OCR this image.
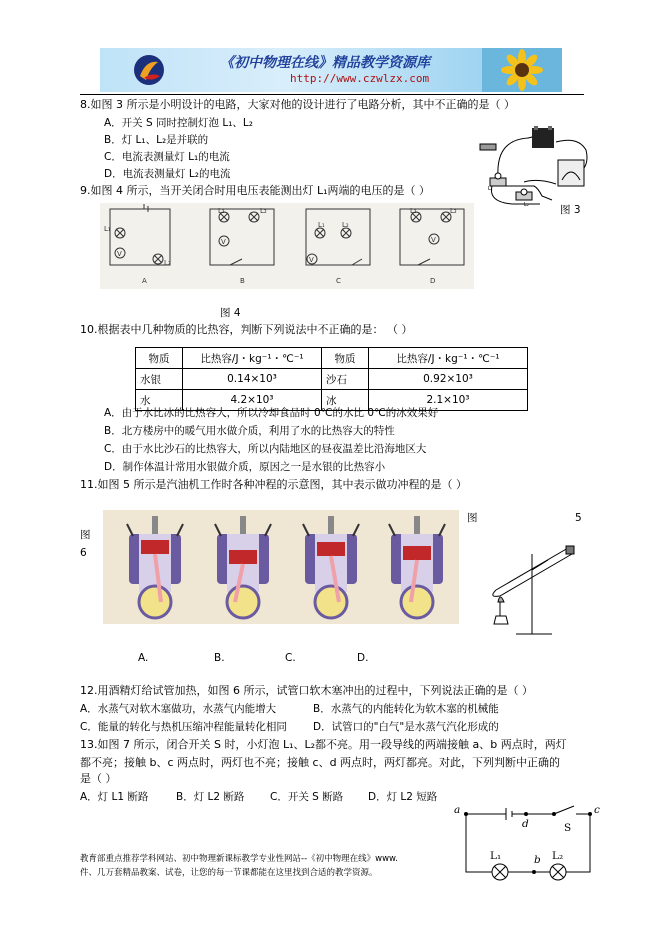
《初中物理在线》精品教学资源库
http://www.czwlzx.com
8.如图 3 所示是小明设计的电路，大家对他的设计进行了电路分析，其中不正确的是（ ）
A．开关 S 同时控制灯泡 L₁、L₂
B．灯 L₁、L₂是并联的
C．电流表测量灯 L₁的电流
D．电流表测量灯 L₂的电流
L₁
L₂	图 3
9.如图 4 所示，当开关闭合时用电压表能测出灯 L₁两端的电压的是（ ）
V
L₁
L₂
A
V
L₁	L₂
B
V
L₁ L₂
C
V
L₁	L₂
D
图 4
10.根据表中几种物质的比热容，判断下列说法中不正确的是： （ ）
物质	比热容/J・kg⁻¹・℃⁻¹	物质	比热容/J・kg⁻¹・℃⁻¹
水银	0.14×10³	沙石	0.92×10³
水	4.2×10³	冰	2.1×10³
A．由于水比冰的比热容大，所以冷却食品时 0℃的水比 0℃的冰效果好
B．北方楼房中的暖气用水做介质，利用了水的比热容大的特性
C．由于水比沙石的比热容大，所以内陆地区的昼夜温差比沿海地区大
D．制作体温计常用水银做介质，原因之一是水银的比热容小
11.如图 5 所示是汽油机工作时各种冲程的示意图，其中表示做功冲程的是（ ）
图
6
图	5
A.	B.	C.	D.
12.用酒精灯给试管加热，如图 6 所示，试管口软木塞冲出的过程中，下列说法正确的是（ ）
A．水蒸气对软木塞做功，水蒸气内能增大	B．水蒸气的内能转化为软木塞的机械能
C．能量的转化与热机压缩冲程能量转化相同 D．试管口的"白气"是水蒸气汽化形成的
13.如图 7 所示，闭合开关 S 时，小灯泡 L₁、L₂都不亮。用一段导线的两端接触 a、b 两点时，两灯
都不亮；接触 b、c 两点时，两灯也不亮；接触 c、d 两点时，两灯都亮。对此，下列判断中正确的
是（ ）
A．灯 L1 断路	B．灯 L2 断路 C．开关 S 断路 D．灯 L2 短路
a
d	S
c
L₁	L₂
b
教育部重点推荐学科网站、初中物理新课标教学专业性网站--《初中物理在线》www.
件、几万套精品教案、试卷，让您的每一节课都能在这里找到合适的教学资源。
